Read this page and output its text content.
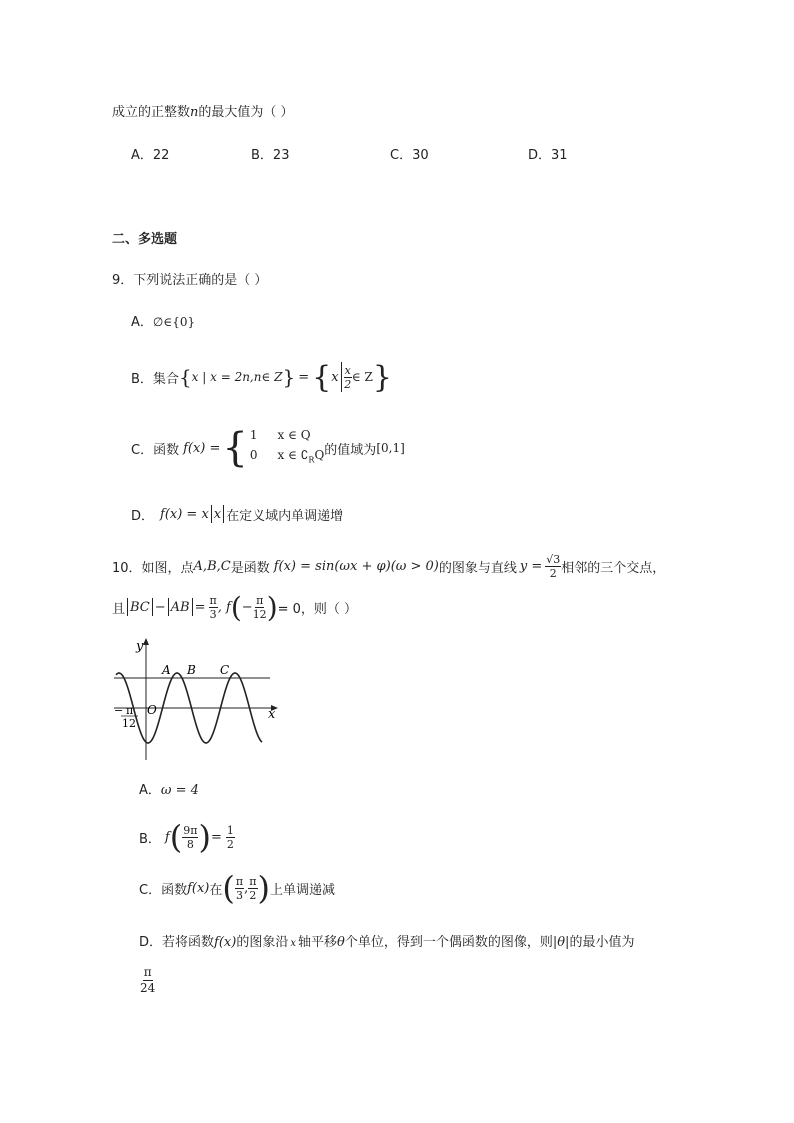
成立的正整数n的最大值为（ ）
A．22	B．23	C．30	D．31
二、多选题
9．下列说法正确的是（ ）
A．∅∈{0}
B． 集合 { x | x = 2n,n∈ Z } = { x $\frac{x}{2}$ ∈ Z }
C． 函数 f(x) = { 1 x ∈ Q
0 x ∈ $∁_RQ$ 的值域为 [0,1]
D． f(x) = x x 在定义域内单调递增
10．如图，点 A,B,C 是函数 f(x) = sin(ωx + φ)(ω > 0) 的图象与直线 $y = \frac{√3}{2}$ 相邻的三个交点，
且 BC − AB = $\frac{\pi}{3}$ , f ( − $\frac{\pi}{12}$ ) = 0，则（ ）
y
x
O
A B C
− π
12
A．ω = 4
B． f ( $\frac{9\pi}{8}$ ) = $\frac{1}{2}$
C． 函数 f(x) 在 ( $\frac{\pi}{3}$ , $\frac{\pi}{2}$ ) 上单调递减
D．若将函数f(x)的图象沿 x 轴平移θ个单位，得到一个偶函数的图像，则|θ|的最小值为
$\frac{\pi}{24}$
